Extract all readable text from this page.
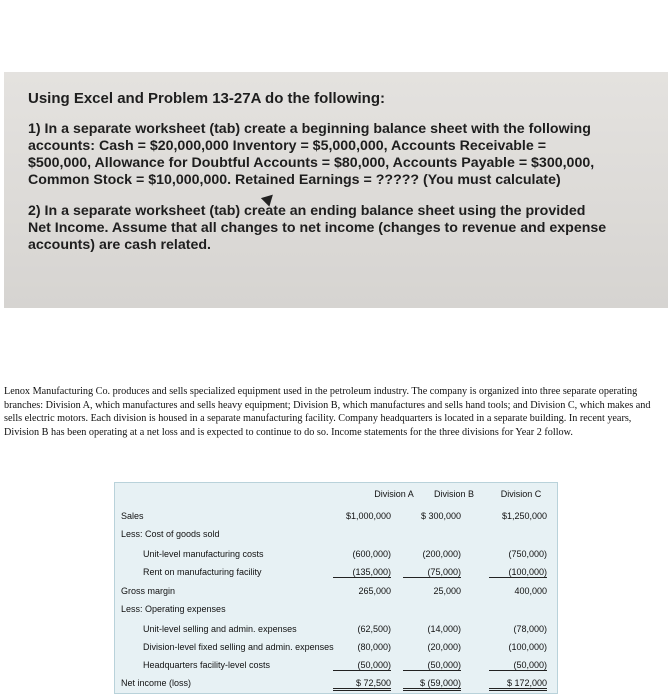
Using Excel and Problem 13-27A do the following:
1) In a separate worksheet (tab) create a beginning balance sheet with the following accounts: Cash = $20,000,000 Inventory = $5,000,000, Accounts Receivable = $500,000, Allowance for Doubtful Accounts = $80,000, Accounts Payable = $300,000, Common Stock = $10,000,000. Retained Earnings = ????? (You must calculate)
2) In a separate worksheet (tab) create an ending balance sheet using the provided Net Income. Assume that all changes to net income (changes to revenue and expense accounts) are cash related.
Lenox Manufacturing Co. produces and sells specialized equipment used in the petroleum industry. The company is organized into three separate operating branches: Division A, which manufactures and sells heavy equipment; Division B, which manufactures and sells hand tools; and Division C, which makes and sells electric motors. Each division is housed in a separate manufacturing facility. Company headquarters is located in a separate building. In recent years, Division B has been operating at a net loss and is expected to continue to do so. Income statements for the three divisions for Year 2 follow.
Division A	Division B	Division C
Sales	$1,000,000	$ 300,000	$1,250,000
Less: Cost of goods sold
Unit-level manufacturing costs	(600,000)	(200,000)	(750,000)
Rent on manufacturing facility	(135,000)	(75,000)	(100,000)
Gross margin	265,000	25,000	400,000
Less: Operating expenses
Unit-level selling and admin. expenses	(62,500)	(14,000)	(78,000)
Division-level fixed selling and admin. expenses	(80,000)	(20,000)	(100,000)
Headquarters facility-level costs	(50,000)	(50,000)	(50,000)
Net income (loss)	$ 72,500	$ (59,000)	$ 172,000
